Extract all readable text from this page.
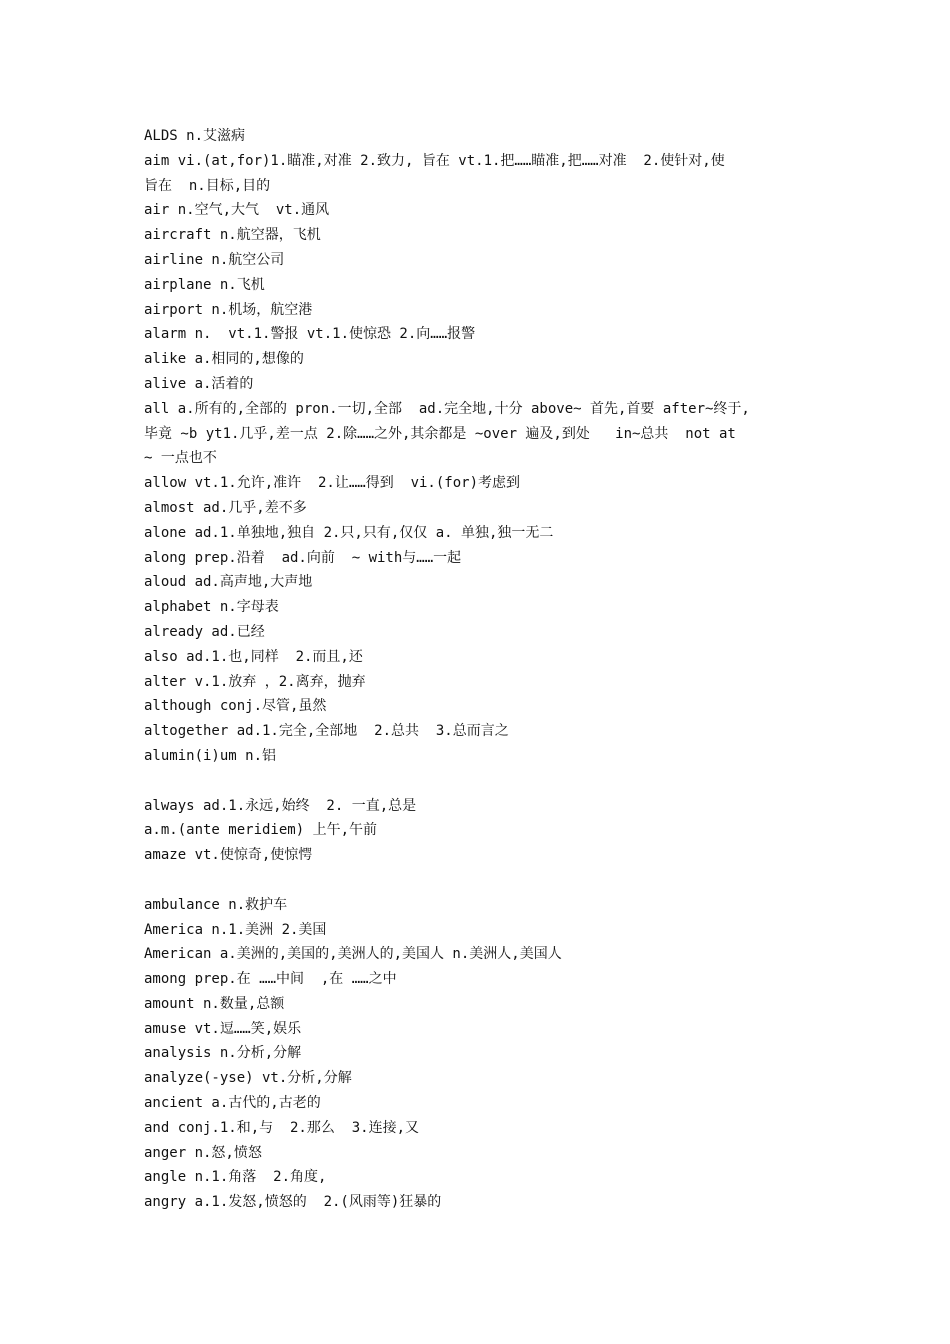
ALDS n.艾滋病
aim vi.(at,for)1.瞄准,对准 2.致力, 旨在 vt.1.把……瞄准,把……对准  2.使针对,使
旨在  n.目标,目的
air n.空气,大气  vt.通风
aircraft n.航空器，飞机
airline n.航空公司
airplane n.飞机
airport n.机场，航空港
alarm n.  vt.1.警报 vt.1.使惊恐 2.向……报警
alike a.相同的,想像的
alive a.活着的
all a.所有的,全部的 pron.一切,全部  ad.完全地,十分 above~ 首先,首要 after~终于,
毕竟 ~b yt1.几乎,差一点 2.除……之外,其余都是 ~over 遍及,到处   in~总共  not at
~ 一点也不
allow vt.1.允许,准许  2.让……得到  vi.(for)考虑到
almost ad.几乎,差不多
alone ad.1.单独地,独自 2.只,只有,仅仅 a. 单独,独一无二
along prep.沿着  ad.向前  ~ with与……一起
aloud ad.高声地,大声地
alphabet n.字母表
already ad.已经
also ad.1.也,同样  2.而且,还
alter v.1.放弃 ，2.离弃，抛弃
although conj.尽管,虽然
altogether ad.1.完全,全部地  2.总共  3.总而言之
alumin(i)um n.铝
always ad.1.永远,始终  2. 一直,总是
a.m.(ante meridiem) 上午,午前
amaze vt.使惊奇,使惊愕
ambulance n.救护车
America n.1.美洲 2.美国
American a.美洲的,美国的,美洲人的,美国人 n.美洲人,美国人
among prep.在 ……中间  ,在 ……之中
amount n.数量,总额
amuse vt.逗……笑,娱乐
analysis n.分析,分解
analyze(-yse) vt.分析,分解
ancient a.古代的,古老的
and conj.1.和,与  2.那么  3.连接,又
anger n.怒,愤怒
angle n.1.角落  2.角度,
angry a.1.发怒,愤怒的  2.(风雨等)狂暴的
